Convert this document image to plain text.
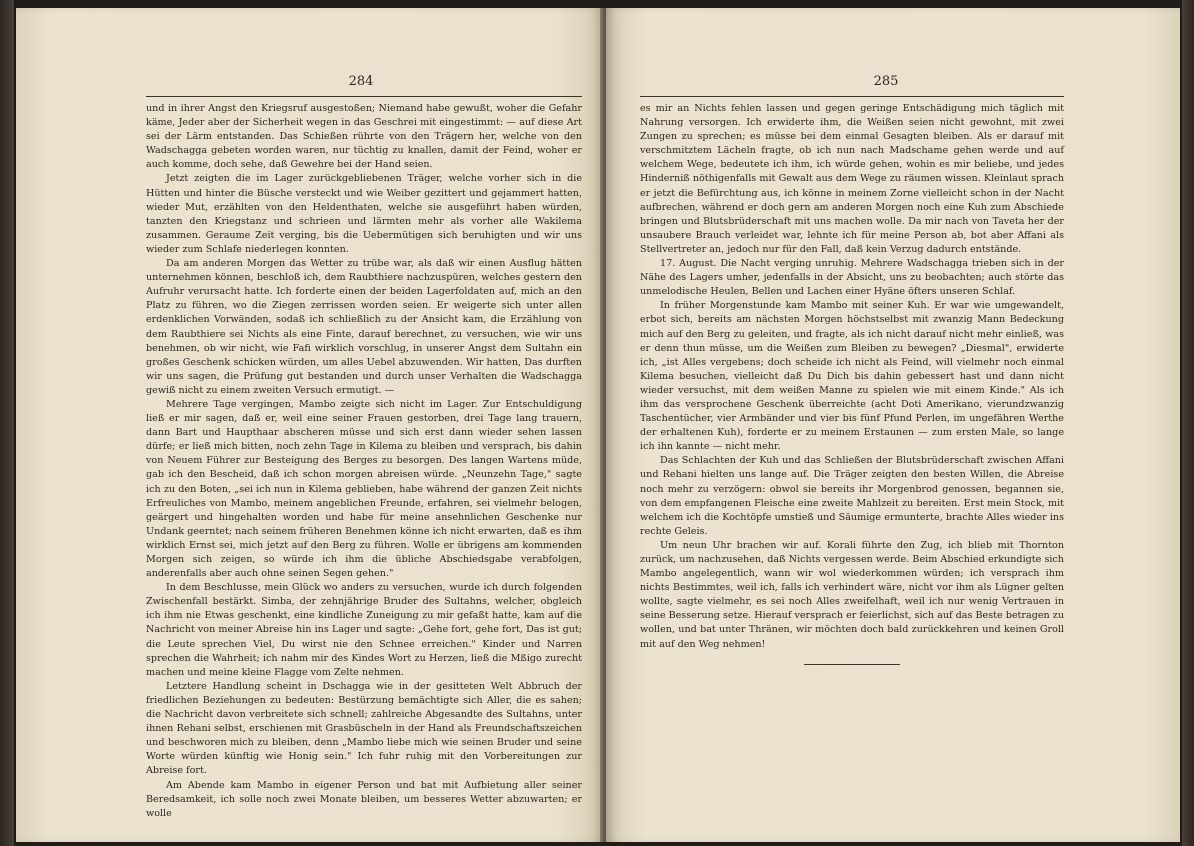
284

und in ihrer Angst den Kriegsruf ausgestoßen; Niemand habe gewußt, woher die Gefahr käme, Jeder aber der Sicherheit wegen in das Geschrei mit eingestimmt: — auf diese Art sei der Lärm entstanden. Das Schießen rührte von den Trägern her, welche von den Wadschagga gebeten worden waren, nur tüchtig zu knallen, damit der Feind, woher er auch komme, doch sehe, daß Gewehre bei der Hand seien.

Jetzt zeigten die im Lager zurückgebliebenen Träger, welche vorher sich in die Hütten und hinter die Büsche versteckt und wie Weiber gezittert und gejammert hatten, wieder Mut, erzählten von den Heldenthaten, welche sie ausgeführt haben würden, tanzten den Kriegstanz und schrieen und lärmten mehr als vorher alle Wakilema zusammen. Geraume Zeit verging, bis die Uebermütigen sich beruhigten und wir uns wieder zum Schlafe niederlegen konnten.

Da am anderen Morgen das Wetter zu trübe war, als daß wir einen Ausflug hätten unternehmen können, beschloß ich, dem Raubthiere nachzuspüren, welches gestern den Aufruhr verursacht hatte. Ich forderte einen der beiden Lagerfoldaten auf, mich an den Platz zu führen, wo die Ziegen zerrissen worden seien. Er weigerte sich unter allen erdenklichen Vorwänden, sodaß ich schließlich zu der Ansicht kam, die Erzählung von dem Raubthiere sei Nichts als eine Finte, darauf berechnet, zu versuchen, wie wir uns benehmen, ob wir nicht, wie Fafi wirklich vorschlug, in unserer Angst dem Sultahn ein großes Geschenk schicken würden, um alles Uebel abzuwenden. Wir hatten, Das durften wir uns sagen, die Prüfung gut bestanden und durch unser Verhalten die Wadschagga gewiß nicht zu einem zweiten Versuch ermutigt. —

Mehrere Tage vergingen, Mambo zeigte sich nicht im Lager. Zur Entschuldigung ließ er mir sagen, daß er, weil eine seiner Frauen gestorben, drei Tage lang trauern, dann Bart und Haupthaar abscheren müsse und sich erst dann wieder sehen lassen dürfe; er ließ mich bitten, noch zehn Tage in Kilema zu bleiben und versprach, bis dahin von Neuem Führer zur Besteigung des Berges zu besorgen. Des langen Wartens müde, gab ich den Bescheid, daß ich schon morgen abreisen würde. „Neunzehn Tage," sagte ich zu den Boten, „sei ich nun in Kilema geblieben, habe während der ganzen Zeit nichts Erfreuliches von Mambo, meinem angeblichen Freunde, erfahren, sei vielmehr belogen, geärgert und hingehalten worden und habe für meine ansehnlichen Geschenke nur Undank geerntet; nach seinem früheren Benehmen könne ich nicht erwarten, daß es ihm wirklich Ernst sei, mich jetzt auf den Berg zu führen. Wolle er übrigens am kommenden Morgen sich zeigen, so würde ich ihm die übliche Abschiedsgabe verabfolgen, anderenfalls aber auch ohne seinen Segen gehen."

In dem Beschlusse, mein Glück wo anders zu versuchen, wurde ich durch folgenden Zwischenfall bestärkt. Simba, der zehnjährige Bruder des Sultahns, welcher, obgleich ich ihm nie Etwas geschenkt, eine kindliche Zuneigung zu mir gefaßt hatte, kam auf die Nachricht von meiner Abreise hin ins Lager und sagte: „Gehe fort, gehe fort, Das ist gut; die Leute sprechen Viel, Du wirst nie den Schnee erreichen." Kinder und Narren sprechen die Wahrheit; ich nahm mir des Kindes Wort zu Herzen, ließ die Mßigo zurecht machen und meine kleine Flagge vom Zelte nehmen.

Letztere Handlung scheint in Dschagga wie in der gesitteten Welt Abbruch der friedlichen Beziehungen zu bedeuten: Bestürzung bemächtigte sich Aller, die es sahen; die Nachricht davon verbreitete sich schnell; zahlreiche Abgesandte des Sultahns, unter ihnen Rehani selbst, erschienen mit Grasbüscheln in der Hand als Freundschaftszeichen und beschworen mich zu bleiben, denn „Mambo liebe mich wie seinen Bruder und seine Worte würden künftig wie Honig sein." Ich fuhr ruhig mit den Vorbereitungen zur Abreise fort.

Am Abende kam Mambo in eigener Person und bat mit Aufbietung aller seiner Beredsamkeit, ich solle noch zwei Monate bleiben, um besseres Wetter abzuwarten; er wolle

285

es mir an Nichts fehlen lassen und gegen geringe Entschädigung mich täglich mit Nahrung versorgen. Ich erwiderte ihm, die Weißen seien nicht gewohnt, mit zwei Zungen zu sprechen; es müsse bei dem einmal Gesagten bleiben. Als er darauf mit verschmitztem Lächeln fragte, ob ich nun nach Madschame gehen werde und auf welchem Wege, bedeutete ich ihm, ich würde gehen, wohin es mir beliebe, und jedes Hinderniß nöthigenfalls mit Gewalt aus dem Wege zu räumen wissen. Kleinlaut sprach er jetzt die Befürchtung aus, ich könne in meinem Zorne vielleicht schon in der Nacht aufbrechen, während er doch gern am anderen Morgen noch eine Kuh zum Abschiede bringen und Blutsbrüderschaft mit uns machen wolle. Da mir nach von Taveta her der unsaubere Brauch verleidet war, lehnte ich für meine Person ab, bot aber Affani als Stellvertreter an, jedoch nur für den Fall, daß kein Verzug dadurch entstände.

17. August. Die Nacht verging unruhig. Mehrere Wadschagga trieben sich in der Nähe des Lagers umher, jedenfalls in der Absicht, uns zu beobachten; auch störte das unmelodische Heulen, Bellen und Lachen einer Hyäne öfters unseren Schlaf.

In früher Morgenstunde kam Mambo mit seiner Kuh. Er war wie umgewandelt, erbot sich, bereits am nächsten Morgen höchstselbst mit zwanzig Mann Bedeckung mich auf den Berg zu geleiten, und fragte, als ich nicht darauf nicht mehr einließ, was er denn thun müsse, um die Weißen zum Bleiben zu bewegen? „Diesmal", erwiderte ich, „ist Alles vergebens; doch scheide ich nicht als Feind, will vielmehr noch einmal Kilema besuchen, vielleicht daß Du Dich bis dahin gebessert hast und dann nicht wieder versuchst, mit dem weißen Manne zu spielen wie mit einem Kinde." Als ich ihm das versprochene Geschenk überreichte (acht Doti Amerikano, vierundzwanzig Taschentücher, vier Armbänder und vier bis fünf Pfund Perlen, im ungefähren Werthe der erhaltenen Kuh), forderte er zu meinem Erstaunen — zum ersten Male, so lange ich ihn kannte — nicht mehr.

Das Schlachten der Kuh und das Schließen der Blutsbrüderschaft zwischen Affani und Rehani hielten uns lange auf. Die Träger zeigten den besten Willen, die Abreise noch mehr zu verzögern: obwol sie bereits ihr Morgenbrod genossen, begannen sie, von dem empfangenen Fleische eine zweite Mahlzeit zu bereiten. Erst mein Stock, mit welchem ich die Kochtöpfe umstieß und Säumige ermunterte, brachte Alles wieder ins rechte Geleis.

Um neun Uhr brachen wir auf. Korali führte den Zug, ich blieb mit Thornton zurück, um nachzusehen, daß Nichts vergessen werde. Beim Abschied erkundigte sich Mambo angelegentlich, wann wir wol wiederkommen würden; ich versprach ihm nichts Bestimmtes, weil ich, falls ich verhindert wäre, nicht vor ihm als Lügner gelten wollte, sagte vielmehr, es sei noch Alles zweifelhaft, weil ich nur wenig Vertrauen in seine Besserung setze. Hierauf versprach er feierlichst, sich auf das Beste betragen zu wollen, und bat unter Thränen, wir möchten doch bald zurückkehren und keinen Groll mit auf den Weg nehmen!
